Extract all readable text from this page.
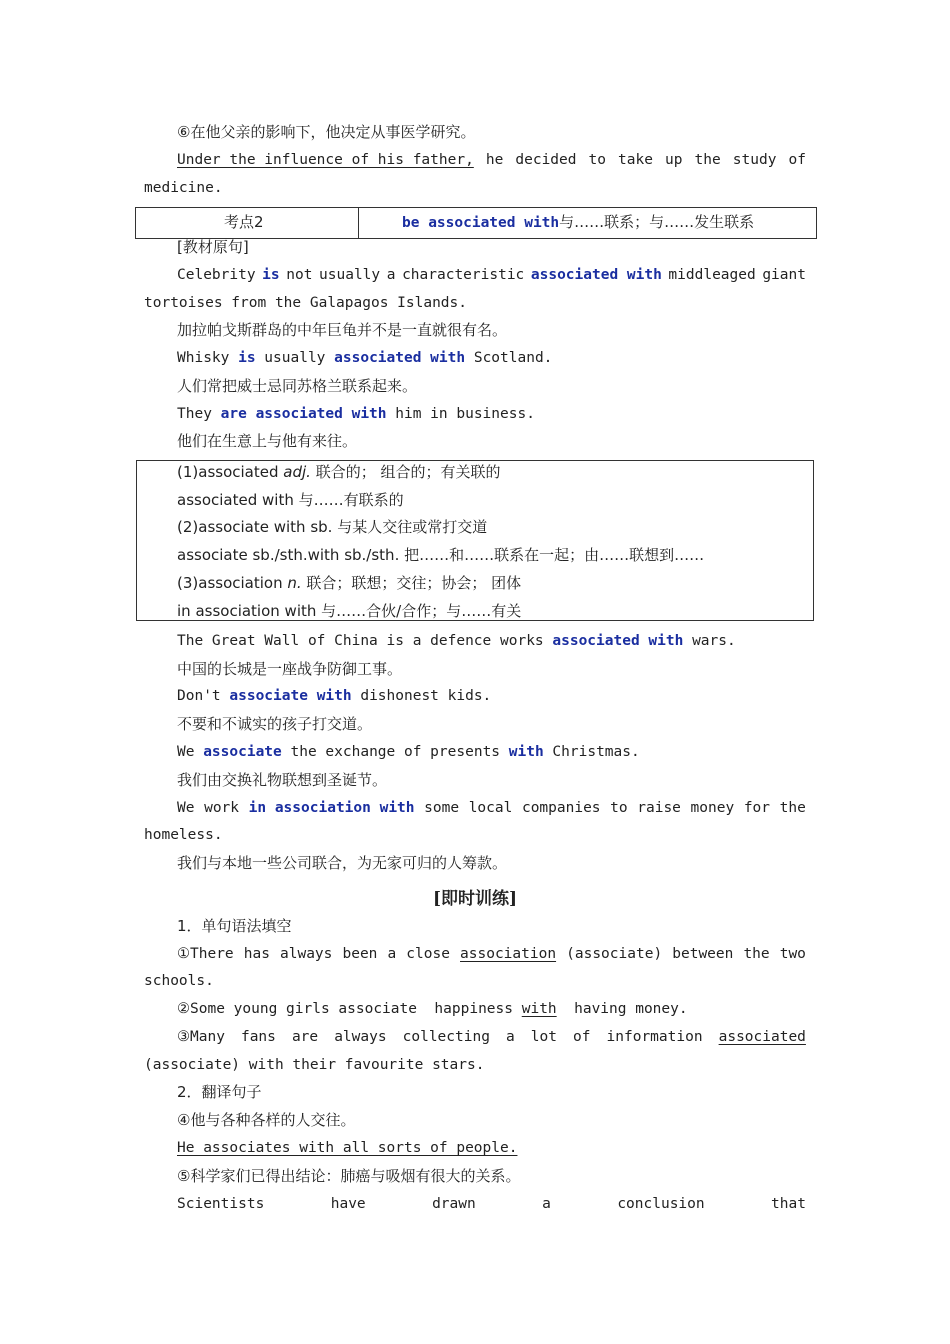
⑥在他父亲的影响下，他决定从事医学研究。
Under the influence of his father, he decided to take up the study of
medicine.
考点2	be associated with与……联系；与……发生联系
[教材原句]
Celebrity is not usually a characteristic associated with middleaged giant
tortoises from the Galapagos Islands.
加拉帕戈斯群岛的中年巨龟并不是一直就很有名。
Whisky is usually associated with Scotland.
人们常把威士忌同苏格兰联系起来。
They are associated with him in business.
他们在生意上与他有来往。
(1)associated adj. 联合的； 组合的；有关联的
associated with 与……有联系的
(2)associate with sb. 与某人交往或常打交道
associate sb./sth.with sb./sth. 把……和……联系在一起；由……联想到……
(3)association n. 联合；联想；交往；协会； 团体
in association with 与……合伙/合作；与……有关
The Great Wall of China is a defence works associated with wars.
中国的长城是一座战争防御工事。
Don't associate with dishonest kids.
不要和不诚实的孩子打交道。
We associate the exchange of presents with Christmas.
我们由交换礼物联想到圣诞节。
We work in association with some local companies to raise money for the
homeless.
我们与本地一些公司联合，为无家可归的人筹款。
[即时训练]
1．单句语法填空
①There has always been a close association (associate) between the two
schools.
②Some young girls associate  happiness with  having money.
③Many fans are always collecting a lot of information associated
(associate) with their favourite stars.
2．翻译句子
④他与各种各样的人交往。
He associates with all sorts of people.
⑤科学家们已得出结论：肺癌与吸烟有很大的关系。
Scientists	have	drawn	a	conclusion	that
